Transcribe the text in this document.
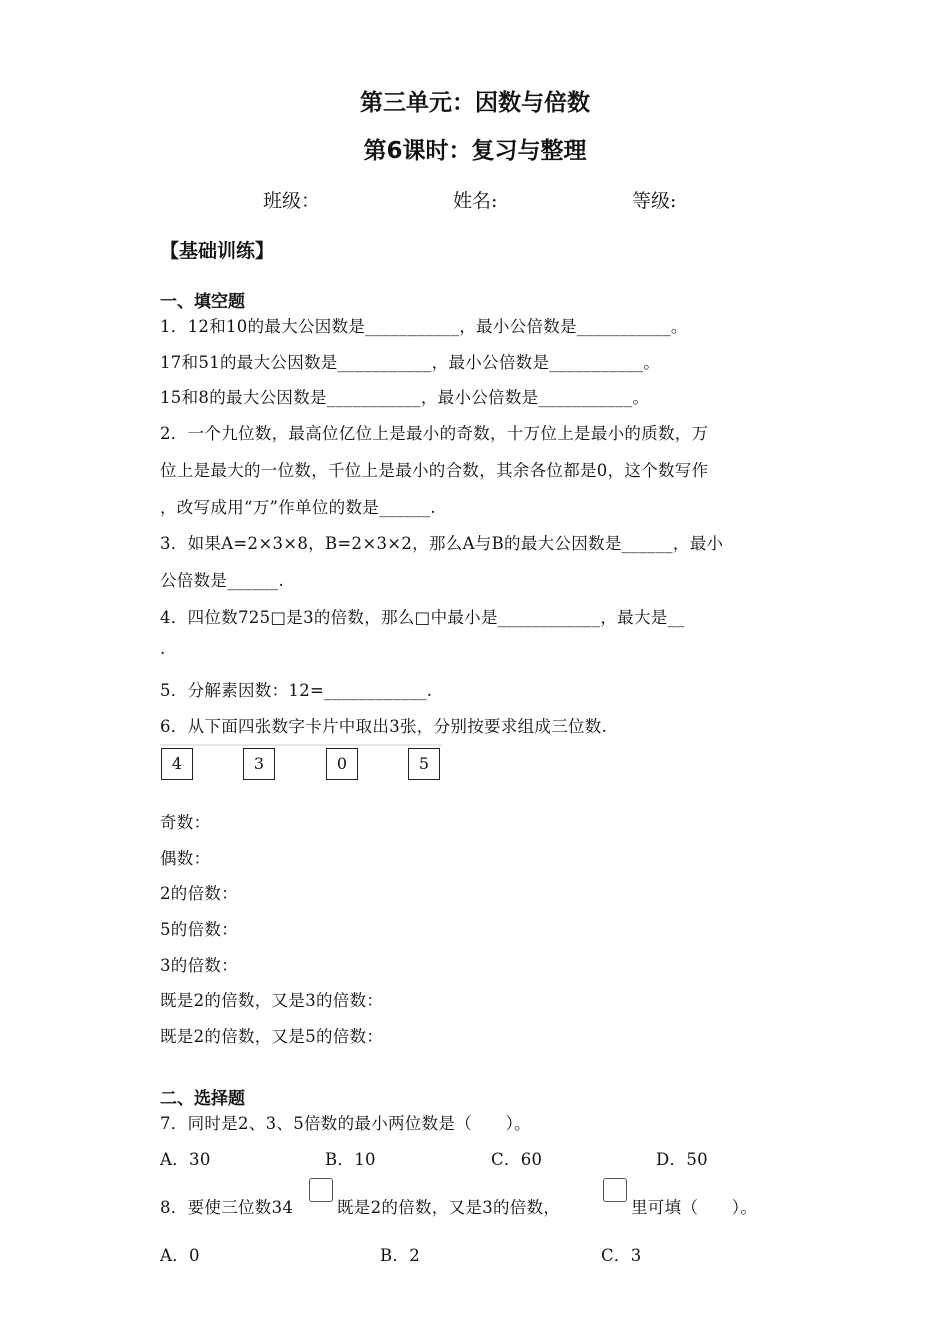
第三单元：因数与倍数
第6课时：复习与整理
班级：	姓名:	等级:
【基础训练】
一、填空题
1．12和10的最大公因数是___________，最小公倍数是___________。
17和51的最大公因数是___________，最小公倍数是___________。
15和8的最大公因数是___________，最小公倍数是___________。
2．一个九位数，最高位亿位上是最小的奇数，十万位上是最小的质数，万
位上是最大的一位数，千位上是最小的合数，其余各位都是0，这个数写作
，改写成用“万”作单位的数是______.
3．如果A=2×3×8，B=2×3×2，那么A与B的最大公因数是______，最小
公倍数是______.
4．四位数725□是3的倍数，那么□中最小是____________，最大是__
.
5．分解素因数：12=____________.
6．从下面四张数字卡片中取出3张，分别按要求组成三位数.
4	3	0	5
奇数：
偶数：
2的倍数：
5的倍数：
3的倍数：
既是2的倍数，又是3的倍数：
既是2的倍数，又是5的倍数：
二、选择题
7．同时是2、3、5倍数的最小两位数是（　　）。
A．30	B．10	C．60	D．50
8．要使三位数34	既是2的倍数，又是3的倍数，	里可填（　　）。
A．0	B．2	C．3
